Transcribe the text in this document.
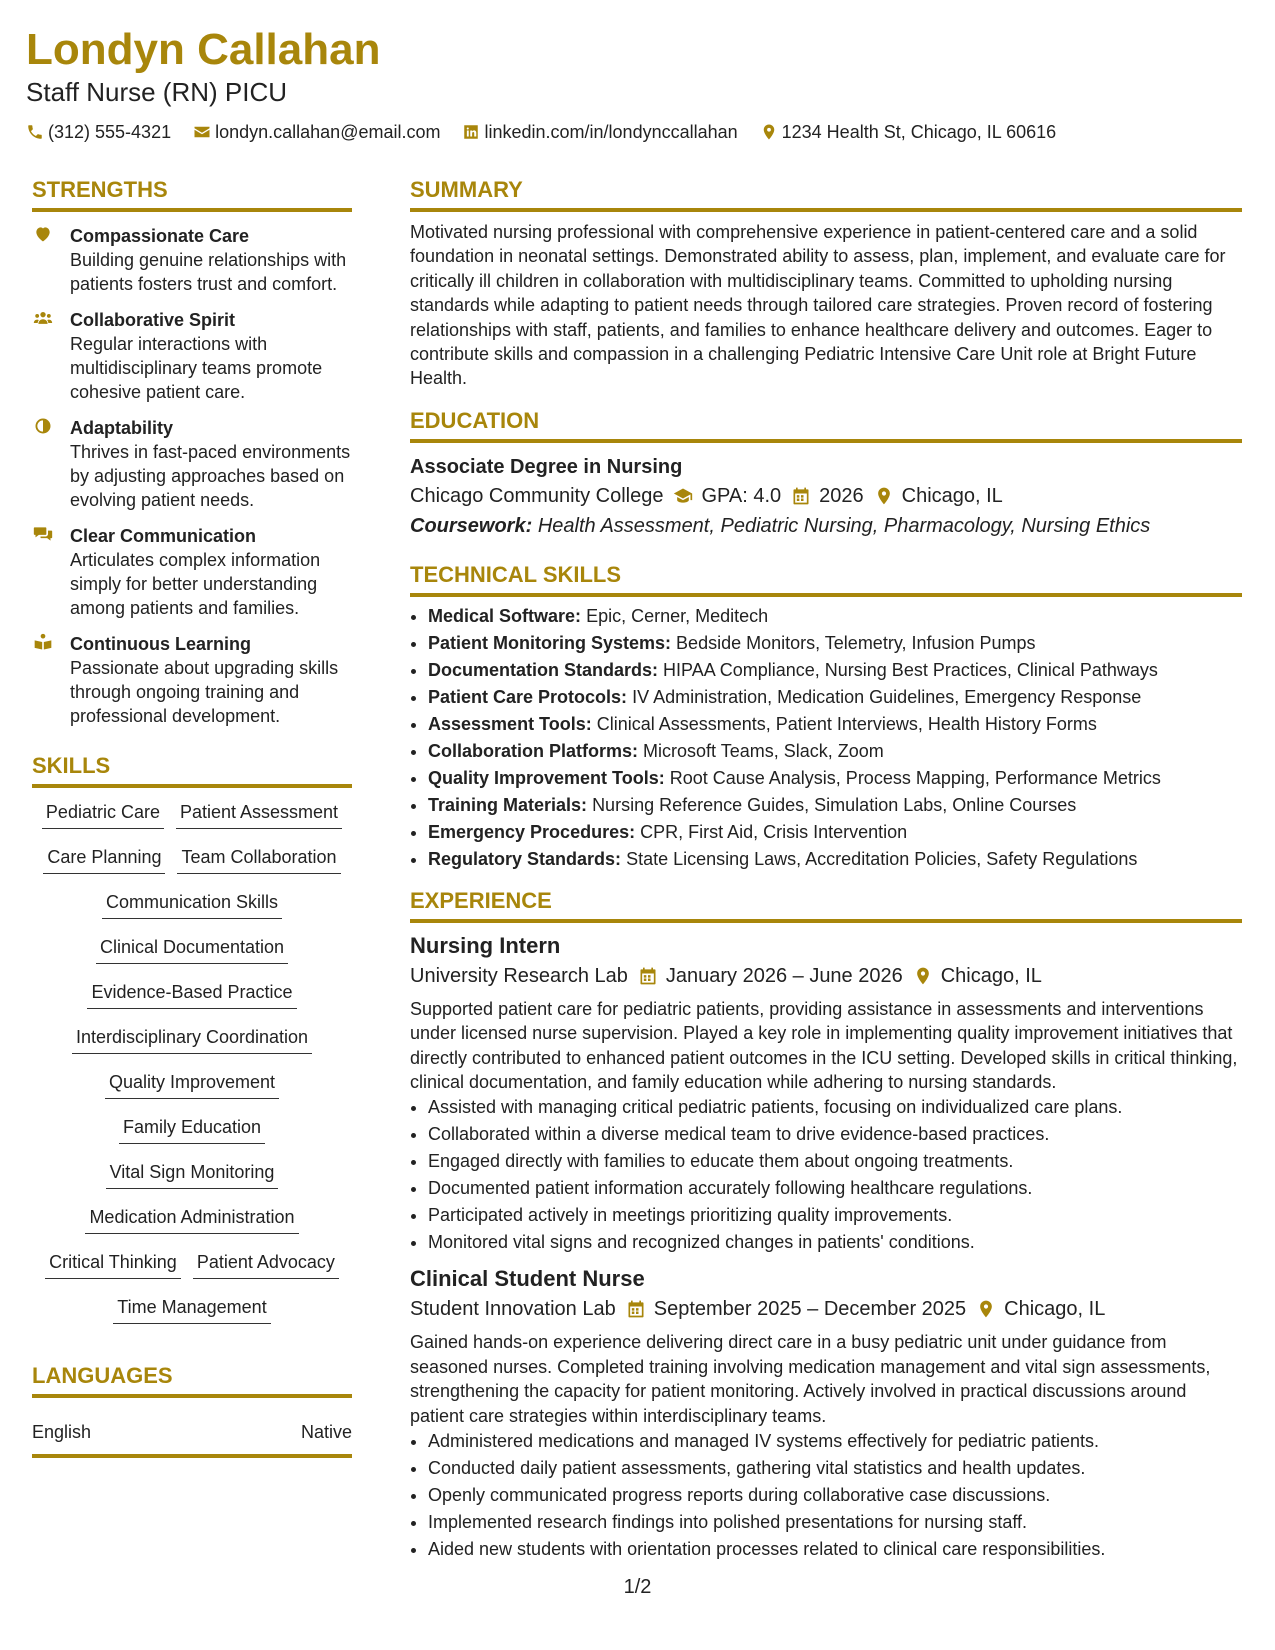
Londyn Callahan
Staff Nurse (RN) PICU
(312) 555-4321 londyn.callahan@email.com linkedin.com/in/londynccallahan 1234 Health St, Chicago, IL 60616
STRENGTHS
Compassionate Care
Building genuine relationships with patients fosters trust and comfort.
Collaborative Spirit
Regular interactions with multidisciplinary teams promote cohesive patient care.
Adaptability
Thrives in fast-paced environments by adjusting approaches based on evolving patient needs.
Clear Communication
Articulates complex information simply for better understanding among patients and families.
Continuous Learning
Passionate about upgrading skills through ongoing training and professional development.
SKILLS
Pediatric Care Patient Assessment
Care Planning Team Collaboration
Communication Skills
Clinical Documentation
Evidence-Based Practice
Interdisciplinary Coordination
Quality Improvement
Family Education
Vital Sign Monitoring
Medication Administration
Critical Thinking Patient Advocacy
Time Management
LANGUAGES
English	Native
SUMMARY
Motivated nursing professional with comprehensive experience in patient-centered care and a solid foundation in neonatal settings. Demonstrated ability to assess, plan, implement, and evaluate care for critically ill children in collaboration with multidisciplinary teams. Committed to upholding nursing standards while adapting to patient needs through tailored care strategies. Proven record of fostering relationships with staff, patients, and families to enhance healthcare delivery and outcomes. Eager to contribute skills and compassion in a challenging Pediatric Intensive Care Unit role at Bright Future Health.
EDUCATION
Associate Degree in Nursing
Chicago Community College GPA: 4.0 2026 Chicago, IL
Coursework: Health Assessment, Pediatric Nursing, Pharmacology, Nursing Ethics
TECHNICAL SKILLS
• Medical Software: Epic, Cerner, Meditech
• Patient Monitoring Systems: Bedside Monitors, Telemetry, Infusion Pumps
• Documentation Standards: HIPAA Compliance, Nursing Best Practices, Clinical Pathways
• Patient Care Protocols: IV Administration, Medication Guidelines, Emergency Response
• Assessment Tools: Clinical Assessments, Patient Interviews, Health History Forms
• Collaboration Platforms: Microsoft Teams, Slack, Zoom
• Quality Improvement Tools: Root Cause Analysis, Process Mapping, Performance Metrics
• Training Materials: Nursing Reference Guides, Simulation Labs, Online Courses
• Emergency Procedures: CPR, First Aid, Crisis Intervention
• Regulatory Standards: State Licensing Laws, Accreditation Policies, Safety Regulations
EXPERIENCE
Nursing Intern
University Research Lab January 2026 – June 2026 Chicago, IL
Supported patient care for pediatric patients, providing assistance in assessments and interventions under licensed nurse supervision. Played a key role in implementing quality improvement initiatives that directly contributed to enhanced patient outcomes in the ICU setting. Developed skills in critical thinking, clinical documentation, and family education while adhering to nursing standards.
• Assisted with managing critical pediatric patients, focusing on individualized care plans.
• Collaborated within a diverse medical team to drive evidence-based practices.
• Engaged directly with families to educate them about ongoing treatments.
• Documented patient information accurately following healthcare regulations.
• Participated actively in meetings prioritizing quality improvements.
• Monitored vital signs and recognized changes in patients' conditions.
Clinical Student Nurse
Student Innovation Lab September 2025 – December 2025 Chicago, IL
Gained hands-on experience delivering direct care in a busy pediatric unit under guidance from seasoned nurses. Completed training involving medication management and vital sign assessments, strengthening the capacity for patient monitoring. Actively involved in practical discussions around patient care strategies within interdisciplinary teams.
• Administered medications and managed IV systems effectively for pediatric patients.
• Conducted daily patient assessments, gathering vital statistics and health updates.
• Openly communicated progress reports during collaborative case discussions.
• Implemented research findings into polished presentations for nursing staff.
• Aided new students with orientation processes related to clinical care responsibilities.
1/2
